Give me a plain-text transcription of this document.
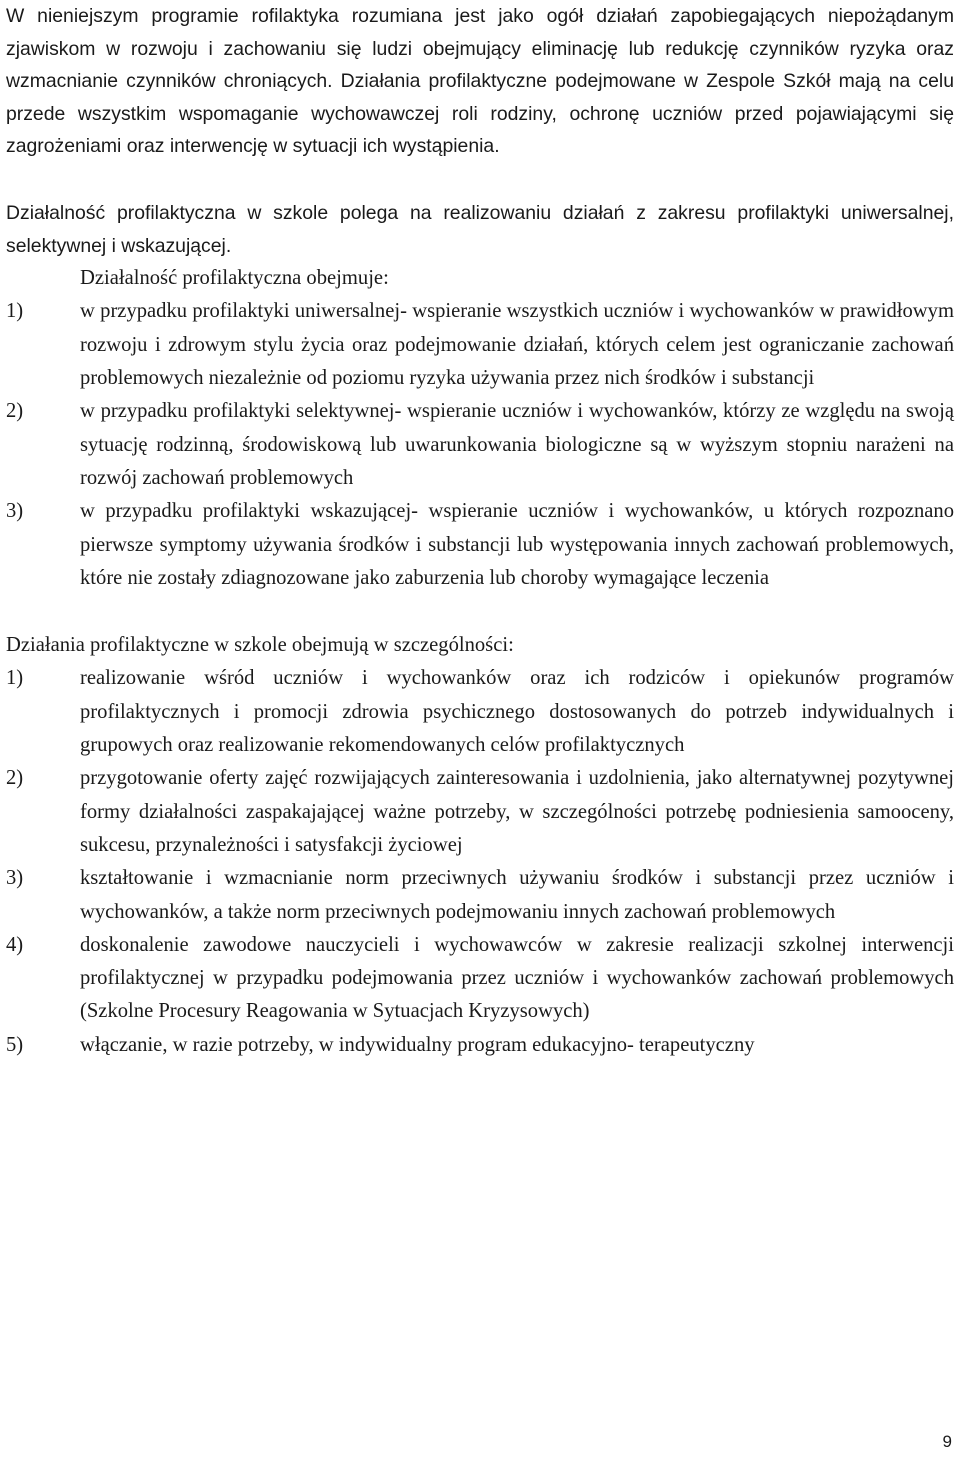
W nieniejszym programie rofilaktyka rozumiana jest jako ogół działań zapobiegających niepożądanym zjawiskom w rozwoju i zachowaniu się ludzi obejmujący eliminację lub redukcję czynników ryzyka oraz wzmacnianie czynników chroniących. Działania profilaktyczne podejmowane w Zespole Szkół mają na celu przede wszystkim wspomaganie wychowawczej roli rodziny, ochronę uczniów przed pojawiającymi się zagrożeniami oraz interwencję w sytuacji ich wystąpienia.

Działalność profilaktyczna w szkole polega na realizowaniu działań z zakresu profilaktyki uniwersalnej, selektywnej i wskazującej.

Działalność profilaktyczna obejmuje:

1)	w przypadku profilaktyki uniwersalnej- wspieranie wszystkich uczniów i wychowanków w prawidłowym rozwoju i zdrowym stylu życia oraz podejmowanie działań, których celem jest ograniczanie zachowań problemowych niezależnie od poziomu ryzyka używania przez nich środków i substancji
2)	w przypadku profilaktyki selektywnej- wspieranie uczniów i wychowanków, którzy ze względu na swoją sytuację rodzinną, środowiskową lub uwarunkowania biologiczne są w wyższym stopniu narażeni na rozwój zachowań problemowych
3)	w przypadku profilaktyki wskazującej- wspieranie uczniów i wychowanków, u których rozpoznano pierwsze symptomy używania środków i substancji lub występowania innych zachowań problemowych, które nie zostały zdiagnozowane jako zaburzenia lub choroby wymagające leczenia

Działania profilaktyczne w szkole obejmują w szczególności:

1)	realizowanie wśród uczniów i wychowanków oraz ich rodziców i opiekunów programów profilaktycznych i promocji zdrowia psychicznego dostosowanych do potrzeb indywidualnych i grupowych oraz realizowanie rekomendowanych celów profilaktycznych
2)	przygotowanie oferty zajęć rozwijających zainteresowania i uzdolnienia, jako alternatywnej pozytywnej formy działalności zaspakajającej ważne potrzeby, w szczególności potrzebę podniesienia samooceny, sukcesu, przynależności i satysfakcji życiowej
3)	kształtowanie i wzmacnianie norm przeciwnych używaniu środków i substancji przez uczniów i wychowanków, a także norm przeciwnych podejmowaniu innych zachowań problemowych
4)	doskonalenie zawodowe nauczycieli i wychowawców w zakresie realizacji szkolnej interwencji profilaktycznej w przypadku podejmowania przez uczniów i wychowanków zachowań problemowych (Szkolne Procesury Reagowania w Sytuacjach Kryzysowych)
5)	włączanie, w razie potrzeby, w indywidualny program edukacyjno- terapeutyczny
9
